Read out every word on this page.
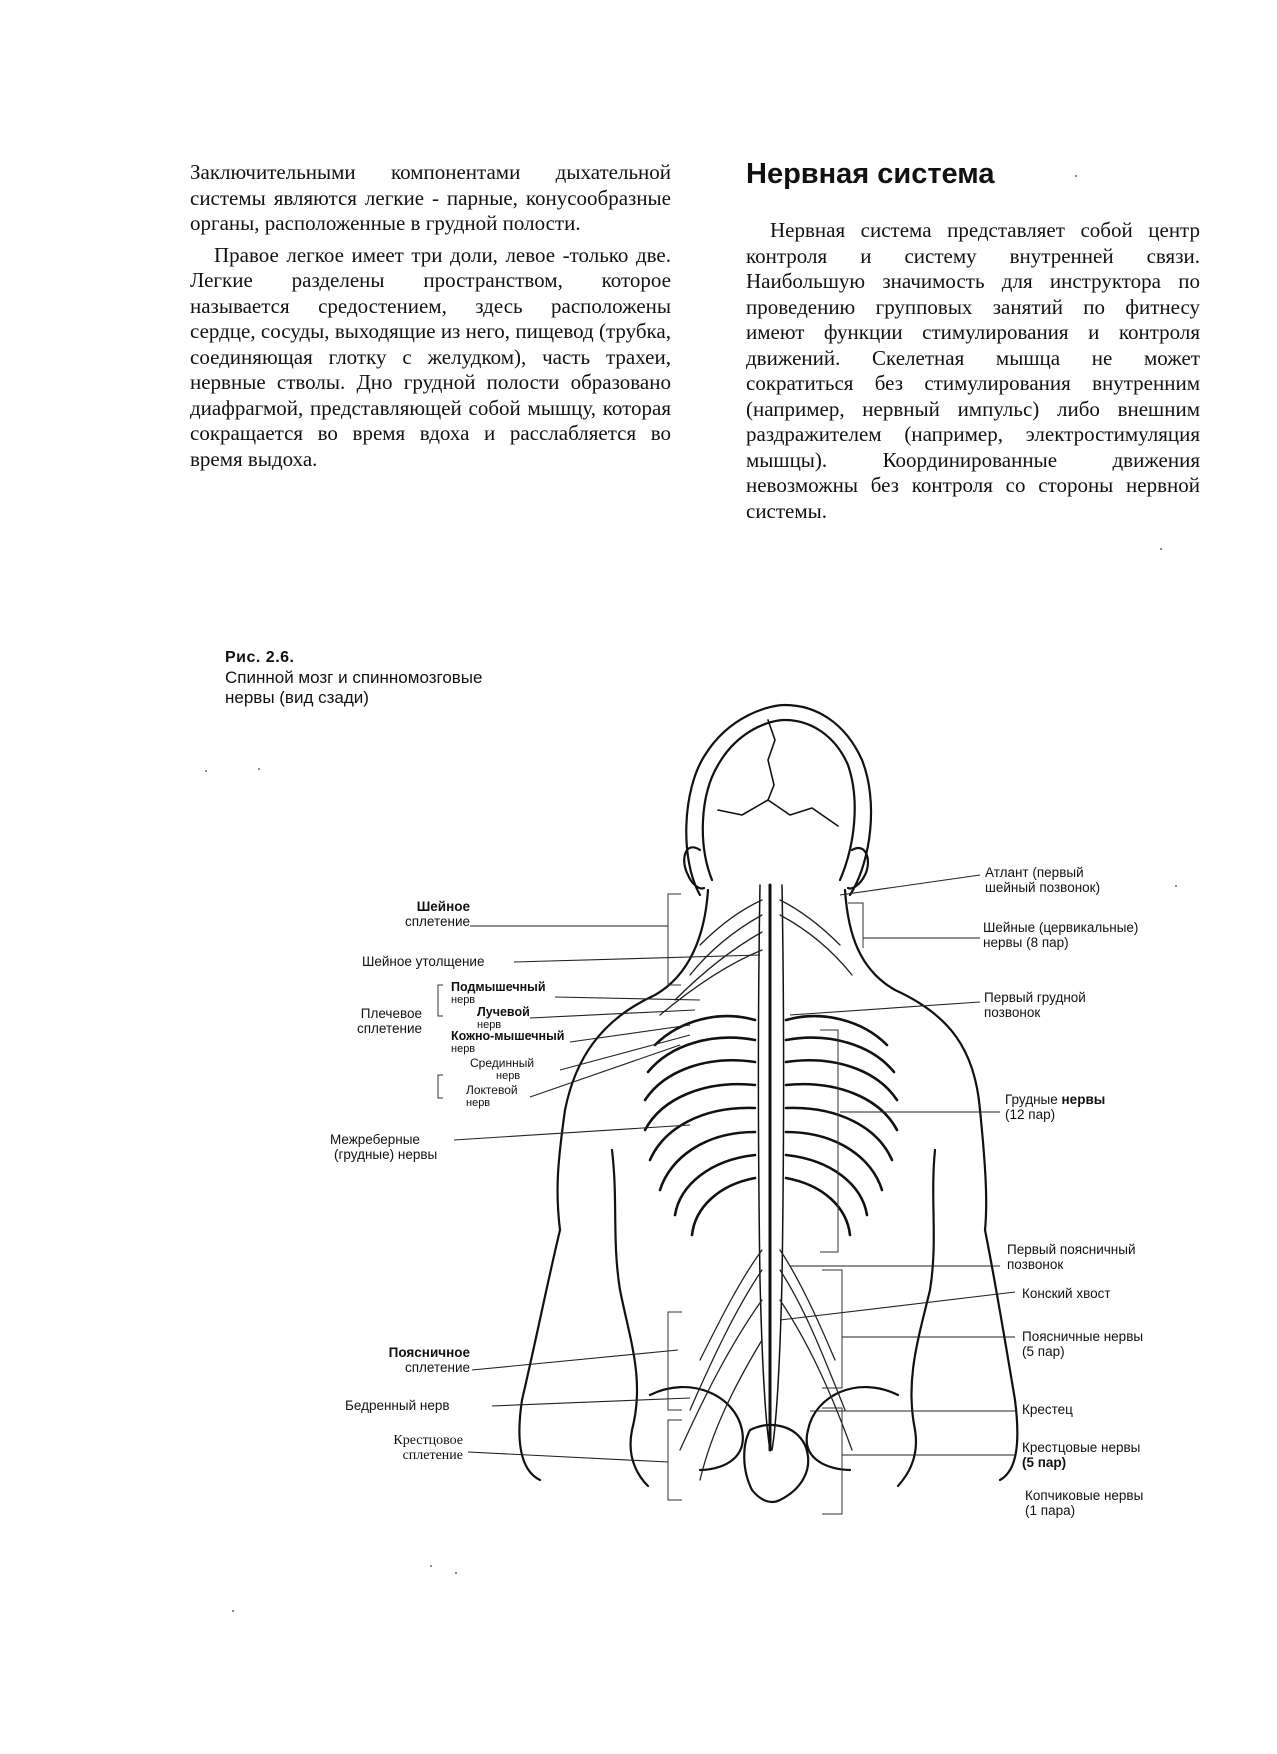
Заключительными компонентами дыхательной системы являются легкие - парные, конусообразные органы, расположенные в грудной полости.

Правое легкое имеет три доли, левое -только две. Легкие разделены пространством, которое называется средостением, здесь расположены сердце, сосуды, выходящие из него, пищевод (трубка, соединяющая глотку с желудком), часть трахеи, нервные стволы. Дно грудной полости образовано диафрагмой, представляющей собой мышцу, которая сокращается во время вдоха и расслабляется во время выдоха.

Нервная система

Нервная система представляет собой центр контроля и систему внутренней связи. Наибольшую значимость для инструктора по проведению групповых занятий по фитнесу имеют функции стимулирования и контроля движений. Скелетная мышца не может сократиться без стимулирования внутренним (например, нервный импульс) либо внешним раздражителем (например, электростимуляция мышцы). Координированные движения невозможны без контроля со стороны нервной системы.

Рис. 2.6.
Спинной мозг и спинномозговые
нервы (вид сзади)
Шейное
сплетение
Шейное утолщение
Плечевое
сплетение
Подмышечный
нерв
Лучевой
нерв
Кожно-мышечный
нерв
Срединный
нерв
Локтевой
нерв
Межреберные
(грудные) нервы
Поясничное
сплетение
Бедренный нерв
Крестцовое
сплетение
Атлант (первый
шейный позвонок)
Шейные (цервикальные)
нервы (8 пар)
Первый грудной
позвонок
Грудные нервы
(12 пар)
Первый поясничный
позвонок
Конский хвост
Поясничные нервы
(5 пар)
Крестец
Крестцовые нервы
(5 пар)
Копчиковые нервы
(1 пара)
